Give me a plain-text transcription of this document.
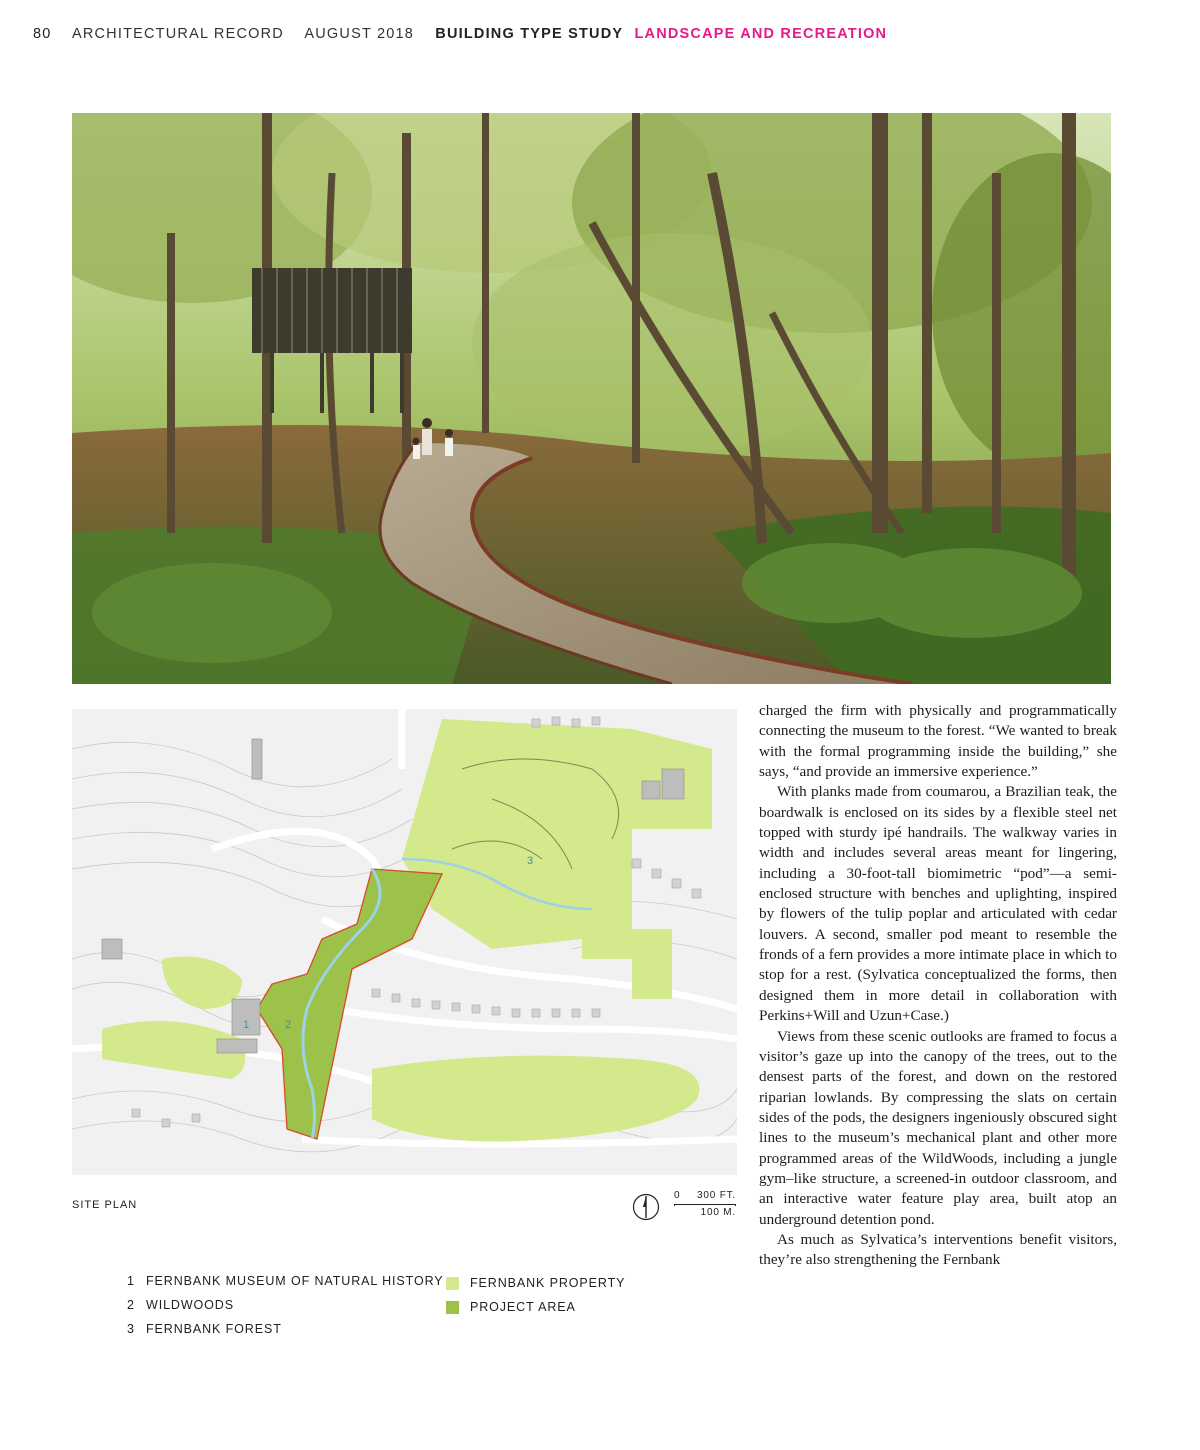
80 ARCHITECTURAL RECORD AUGUST 2018 BUILDING TYPE STUDY LANDSCAPE AND RECREATION
1	2
3
SITE PLAN
0 300 FT.
100 M.
1 FERNBANK MUSEUM OF NATURAL HISTORY
2 WILDWOODS
3 FERNBANK FOREST
FERNBANK PROPERTY
PROJECT AREA

charged the firm with physically and programmatically connecting the museum to the forest. “We wanted to break with the formal programming inside the building,” she says, “and provide an immersive experience.”

With planks made from coumarou, a Brazilian teak, the boardwalk is enclosed on its sides by a flexible steel net topped with sturdy ipé handrails. The walkway varies in width and includes several areas meant for lingering, including a 30-foot-tall biomimetric “pod”—a semi-enclosed structure with benches and uplighting, inspired by flowers of the tulip poplar and articulated with cedar louvers. A second, smaller pod meant to resemble the fronds of a fern provides a more intimate place in which to stop for a rest. (Sylvatica conceptualized the forms, then designed them in more detail in collaboration with Perkins+Will and Uzun+Case.)

Views from these scenic outlooks are framed to focus a visitor’s gaze up into the canopy of the trees, out to the densest parts of the forest, and down on the restored riparian lowlands. By compressing the slats on certain sides of the pods, the designers ingeniously obscured sight lines to the museum’s mechanical plant and other more programmed areas of the WildWoods, including a jungle gym–like structure, a screened-in outdoor classroom, and an interactive water feature play area, built atop an underground detention pond.

As much as Sylvatica’s interventions benefit visitors, they’re also strengthening the Fernbank
